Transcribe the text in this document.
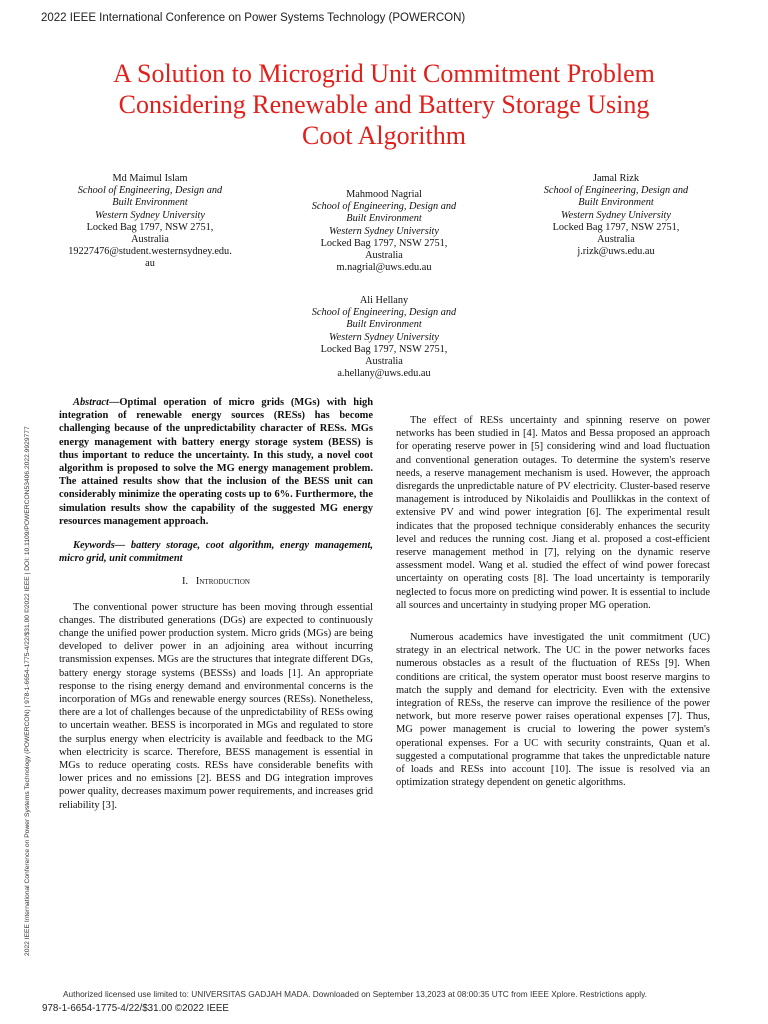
2022 IEEE International Conference on Power Systems Technology (POWERCON)
A Solution to Microgrid Unit Commitment Problem
Considering Renewable and Battery Storage Using
Coot Algorithm
Md Maimul Islam
School of Engineering, Design and
Built Environment
Western Sydney University
Locked Bag 1797, NSW 2751,
Australia
19227476@student.westernsydney.edu.
au
Mahmood Nagrial
School of Engineering, Design and
Built Environment
Western Sydney University
Locked Bag 1797, NSW 2751,
Australia
m.nagrial@uws.edu.au
Jamal Rizk
School of Engineering, Design and
Built Environment
Western Sydney University
Locked Bag 1797, NSW 2751,
Australia
j.rizk@uws.edu.au
Ali Hellany
School of Engineering, Design and
Built Environment
Western Sydney University
Locked Bag 1797, NSW 2751,
Australia
a.hellany@uws.edu.au
2022 IEEE International Conference on Power Systems Technology (POWERCON) | 978-1-6654-1775-4/22/$31.00 ©2022 IEEE | DOI: 10.1109/POWERCON53406.2022.9929777

Abstract—Optimal operation of micro grids (MGs) with high integration of renewable energy sources (RESs) has become challenging because of the unpredictability character of RESs. MGs energy management with battery energy storage system (BESS) is thus important to reduce the uncertainty. In this study, a novel coot algorithm is proposed to solve the MG energy management problem. The attained results show that the inclusion of the BESS unit can considerably minimize the operating costs up to 6%. Furthermore, the simulation results show the capability of the suggested MG energy resources management approach.

Keywords— battery storage, coot algorithm, energy management, micro grid, unit commitment

I. Introduction

The conventional power structure has been moving through essential changes. The distributed generations (DGs) are expected to continuously change the unified power production system. Micro grids (MGs) are being developed to deliver power in an adjoining area without incurring transmission expenses. MGs are the structures that integrate different DGs, battery energy storage systems (BESSs) and loads [1]. An appropriate response to the rising energy demand and environmental concerns is the incorporation of MGs and renewable energy sources (RESs). Nonetheless, there are a lot of challenges because of the unpredictability of RESs owing to uncertain weather. BESS is incorporated in MGs and regulated to store the surplus energy when electricity is available and feedback to the MG when electricity is scarce. Therefore, BESS management is essential in MGs to reduce operating costs. RESs have considerable benefits with lower prices and no emissions [2]. BESS and DG integration improves power quality, decreases maximum power requirements, and increases grid reliability [3].

The effect of RESs uncertainty and spinning reserve on power networks has been studied in [4]. Matos and Bessa proposed an approach for operating reserve power in [5] considering wind and load fluctuation and conventional generation outages. To determine the system's reserve needs, a reserve management mechanism is used. However, the approach disregards the unpredictable nature of PV electricity. Cluster-based reserve management is introduced by Nikolaidis and Poullikkas in the context of extensive PV and wind power integration [6]. The experimental result indicates that the proposed technique considerably enhances the security level and reduces the running cost. Jiang et al. proposed a cost-efficient reserve management method in [7], relying on the dynamic reserve assessment model. Wang et al. studied the effect of wind power forecast uncertainty on operating costs [8]. The load uncertainty is temporarily neglected to focus more on predicting wind power. It is essential to include all sources and uncertainty in studying proper MG operation.

Numerous academics have investigated the unit commitment (UC) strategy in an electrical network. The UC in the power networks faces numerous obstacles as a result of the fluctuation of RESs [9]. When conditions are critical, the system operator must boost reserve margins to match the supply and demand for electricity. Even with the extensive integration of RESs, the reserve can improve the resilience of the power network, but more reserve power raises operational expenses [7]. Thus, MG power management is crucial to lowering the power system's operational expenses. For a UC with security constraints, Quan et al. suggested a computational programme that takes the unpredictable nature of loads and RESs into account [10]. The issue is resolved via an optimization strategy dependent on genetic algorithms.

Authorized licensed use limited to: UNIVERSITAS GADJAH MADA. Downloaded on September 13,2023 at 08:00:35 UTC from IEEE Xplore. Restrictions apply.
978-1-6654-1775-4/22/$31.00 ©2022 IEEE
